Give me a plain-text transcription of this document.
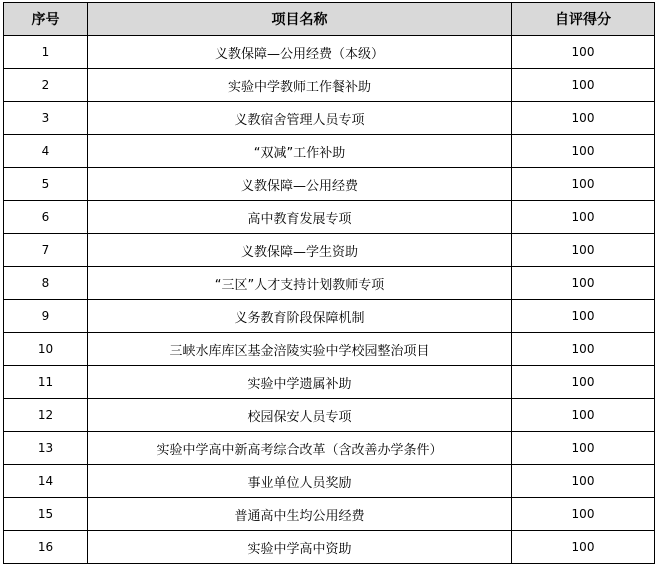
序号	项目名称	自评得分
1	义教保障—公用经费（本级）	100
2	实验中学教师工作餐补助	100
3	义教宿舍管理人员专项	100
4	“双减”工作补助	100
5	义教保障—公用经费	100
6	高中教育发展专项	100
7	义教保障—学生资助	100
8	“三区”人才支持计划教师专项	100
9	义务教育阶段保障机制	100
10	三峡水库库区基金涪陵实验中学校园整治项目	100
11	实验中学遗属补助	100
12	校园保安人员专项	100
13	实验中学高中新高考综合改革（含改善办学条件）	100
14	事业单位人员奖励	100
15	普通高中生均公用经费	100
16	实验中学高中资助	100
